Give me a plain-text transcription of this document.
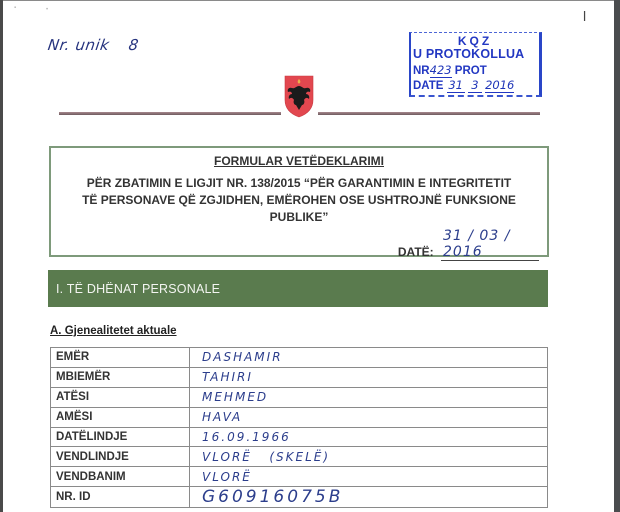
▪	•
Nr. unik 8
l
KQZ
U PROTOKOLLUA
NR423 PROT
DATE 31 3 2016
FORMULAR VETËDEKLARIMI
PËR ZBATIMIN E LIGJIT NR. 138/2015 “PËR GARANTIMIN E INTEGRITETIT TË PERSONAVE QË ZGJIDHEN, EMËROHEN OSE USHTROJNË FUNKSIONE PUBLIKE”
DATË: 31 / 03 / 2016
I. TË DHËNAT PERSONALE
A. Gjenealitetet aktuale
EMËR	DASHAMIR
MBIEMËR	TAHIRI
ATËSI	MEHMED
AMËSI	HAVA
DATËLINDJE	16.09.1966
VENDLINDJE	VLORË   (SKELË)
VENDBANIM	VLORË
NR. ID	G60916075B
